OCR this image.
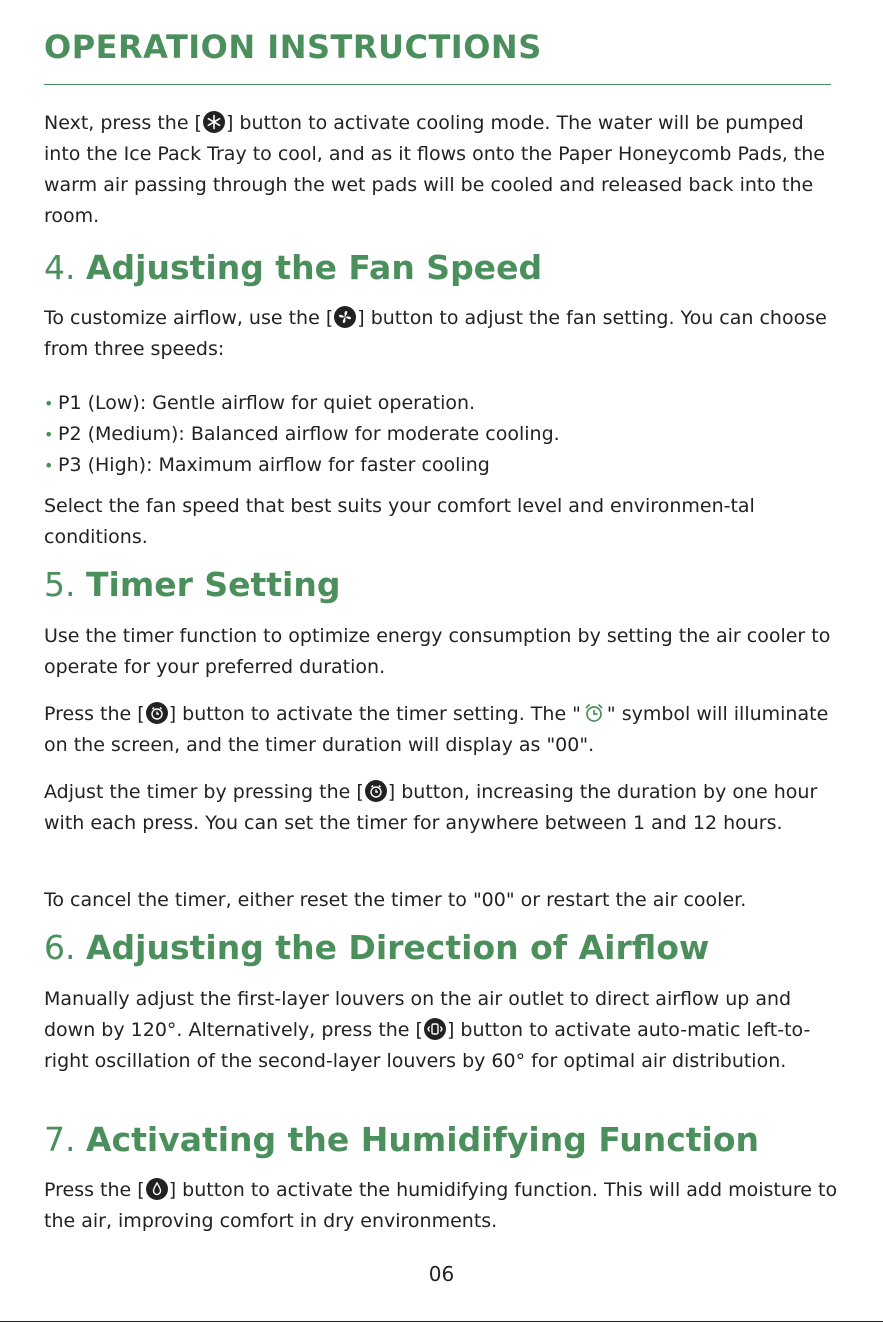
OPERATION INSTRUCTIONS

Next, press the [ ] button to activate cooling mode. The water will be pumped into the Ice Pack Tray to cool, and as it flows onto the Paper Honeycomb Pads, the warm air passing through the wet pads will be cooled and released back into the room.

4. Adjusting the Fan Speed

To customize airflow, use the [ ] button to adjust the fan setting. You can choose from three speeds:

• P1 (Low): Gentle airflow for quiet operation.
• P2 (Medium): Balanced airflow for moderate cooling.
• P3 (High): Maximum airflow for faster cooling

Select the fan speed that best suits your comfort level and environmen-tal conditions.

5. Timer Setting

Use the timer function to optimize energy consumption by setting the air cooler to operate for your preferred duration.

Press the [ ] button to activate the timer setting. The " " symbol will illuminate on the screen, and the timer duration will display as "00".

Adjust the timer by pressing the [ ] button, increasing the duration by one hour with each press. You can set the timer for anywhere between 1 and 12 hours.

To cancel the timer, either reset the timer to "00" or restart the air cooler.

6. Adjusting the Direction of Airflow

Manually adjust the first-layer louvers on the air outlet to direct airflow up and down by 120°. Alternatively, press the [ ] button to activate auto-matic left-to-right oscillation of the second-layer louvers by 60° for optimal air distribution.

7. Activating the Humidifying Function

Press the [ ] button to activate the humidifying function. This will add moisture to the air, improving comfort in dry environments.

06
